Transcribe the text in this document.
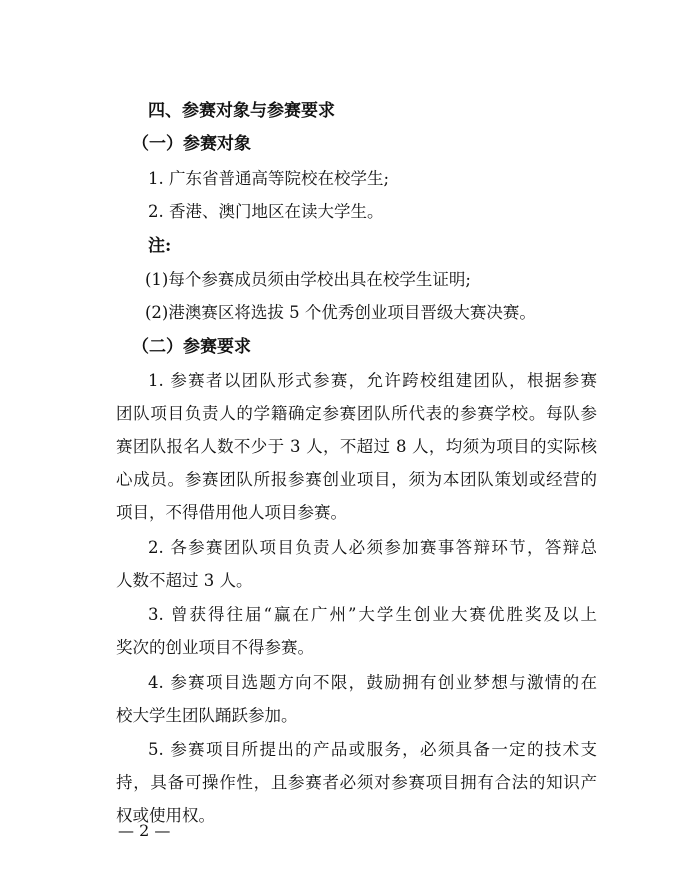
四、参赛对象与参赛要求
（一）参赛对象
1. 广东省普通高等院校在校学生;
2. 香港、澳门地区在读大学生。
注:
(1)每个参赛成员须由学校出具在校学生证明;
(2)港澳赛区将选拔 5 个优秀创业项目晋级大赛决赛。
（二）参赛要求
1. 参赛者以团队形式参赛，允许跨校组建团队，根据参赛
团队项目负责人的学籍确定参赛团队所代表的参赛学校。每队参
赛团队报名人数不少于 3 人，不超过 8 人，均须为项目的实际核
心成员。参赛团队所报参赛创业项目，须为本团队策划或经营的
项目，不得借用他人项目参赛。
2. 各参赛团队项目负责人必须参加赛事答辩环节，答辩总
人数不超过 3 人。
3. 曾获得往届“赢在广州”大学生创业大赛优胜奖及以上
奖次的创业项目不得参赛。
4. 参赛项目选题方向不限，鼓励拥有创业梦想与激情的在
校大学生团队踊跃参加。
5. 参赛项目所提出的产品或服务，必须具备一定的技术支
持，具备可操作性，且参赛者必须对参赛项目拥有合法的知识产
权或使用权。
— 2 —
